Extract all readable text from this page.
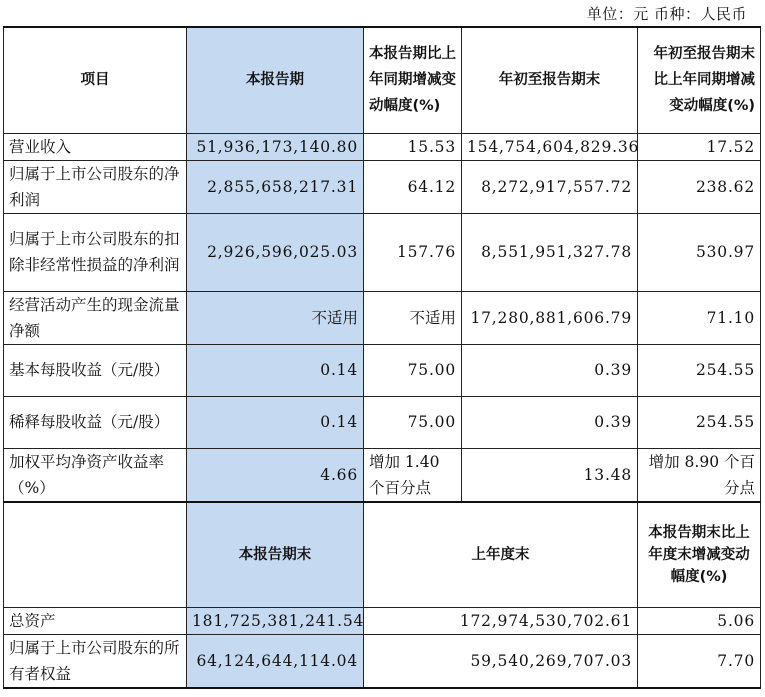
单位：元 币种：人民币
项目	本报告期	本报告期比上年同期增减变动幅度(%)	年初至报告期末	年初至报告期末比上年同期增减变动幅度(%)
营业收入	51,936,173,140.80	15.53	154,754,604,829.36	17.52
归属于上市公司股东的净利润	2,855,658,217.31	64.12	8,272,917,557.72	238.62
归属于上市公司股东的扣除非经常性损益的净利润	2,926,596,025.03	157.76	8,551,951,327.78	530.97
经营活动产生的现金流量净额	不适用	不适用	17,280,881,606.79	71.10
基本每股收益（元/股）	0.14	75.00	0.39	254.55
稀释每股收益（元/股）	0.14	75.00	0.39	254.55
加权平均净资产收益率（%）	4.66	增加 1.40 个百分点	13.48	增加 8.90 个百分点
	本报告期末	上年度末		本报告期末比上年度末增减变动幅度(%)
总资产	181,725,381,241.54	172,974,530,702.61		5.06
归属于上市公司股东的所有者权益	64,124,644,114.04	59,540,269,707.03		7.70
